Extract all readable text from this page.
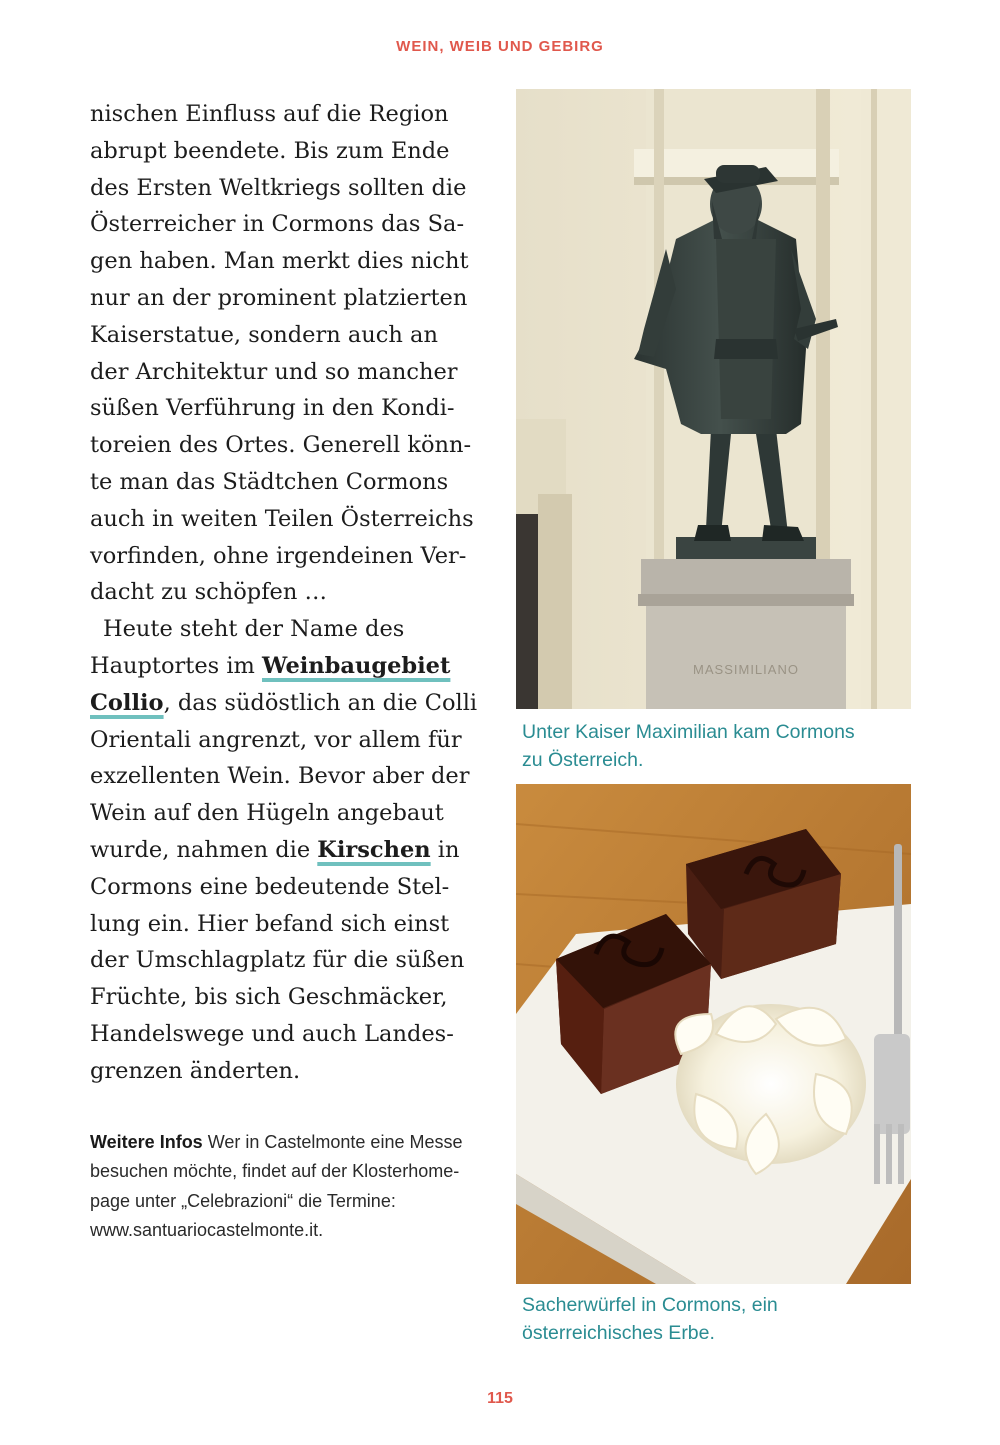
WEIN, WEIB UND GEBIRG
nischen Einfluss auf die Region
abrupt beendete. Bis zum Ende
des Ersten Weltkriegs sollten die
Österreicher in Cormons das Sa-
gen haben. Man merkt dies nicht
nur an der prominent platzierten
Kaiserstatue, sondern auch an
der Architektur und so mancher
süßen Verführung in den Kondi-
toreien des Ortes. Generell könn-
te man das Städtchen Cormons
auch in weiten Teilen Österreichs
vorfinden, ohne irgendeinen Ver-
dacht zu schöpfen …
Heute steht der Name des
Hauptortes im Weinbaugebiet
Collio, das südöstlich an die Colli
Orientali angrenzt, vor allem für
exzellenten Wein. Bevor aber der
Wein auf den Hügeln angebaut
wurde, nahmen die Kirschen in
Cormons eine bedeutende Stel-
lung ein. Hier befand sich einst
der Umschlagplatz für die süßen
Früchte, bis sich Geschmäcker,
Handelswege und auch Landes-
grenzen änderten.
Weitere Infos Wer in Castelmonte eine Messe
besuchen möchte, findet auf der Klosterhome-
page unter „Celebrazioni“ die Termine:
www.santuariocastelmonte.it.
MASSIMILIANO
Unter Kaiser Maximilian kam Cormons
zu Österreich.
Sacherwürfel in Cormons, ein
österreichisches Erbe.
115
